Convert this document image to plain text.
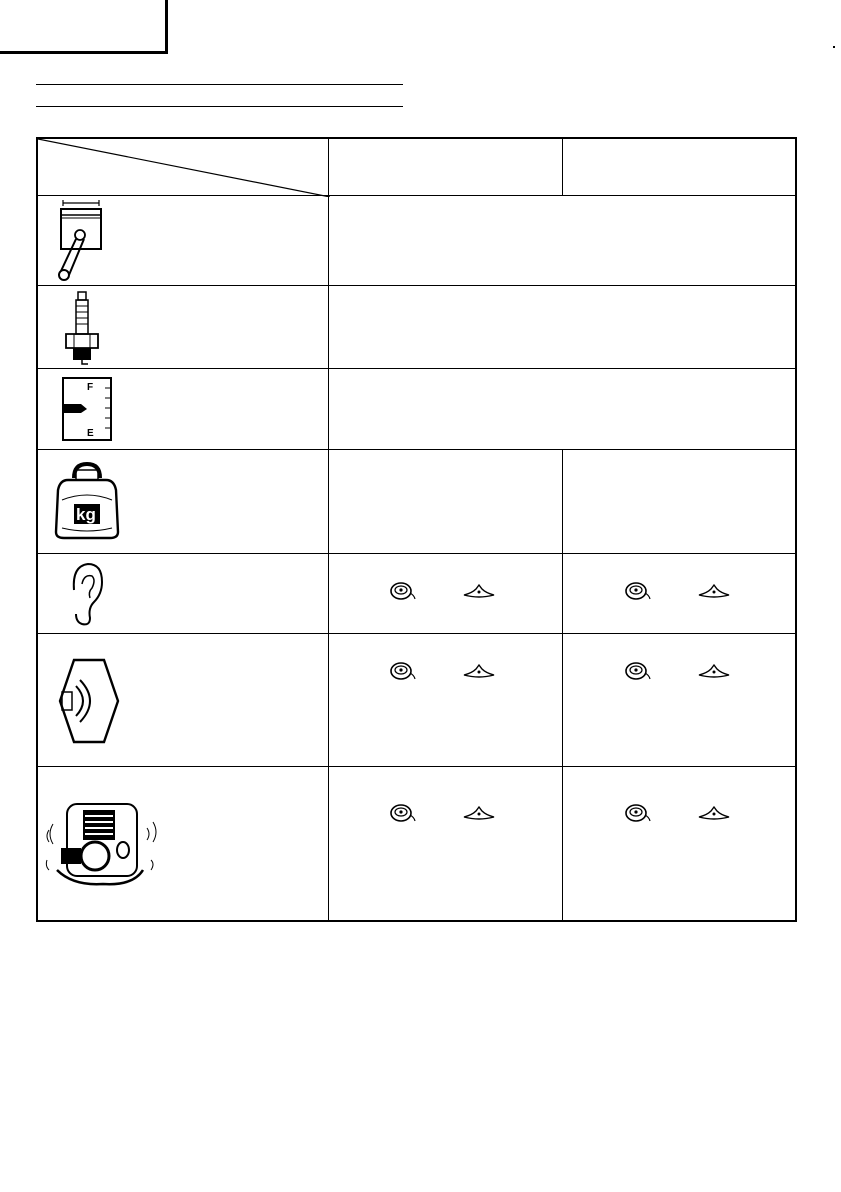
F
E
kg
